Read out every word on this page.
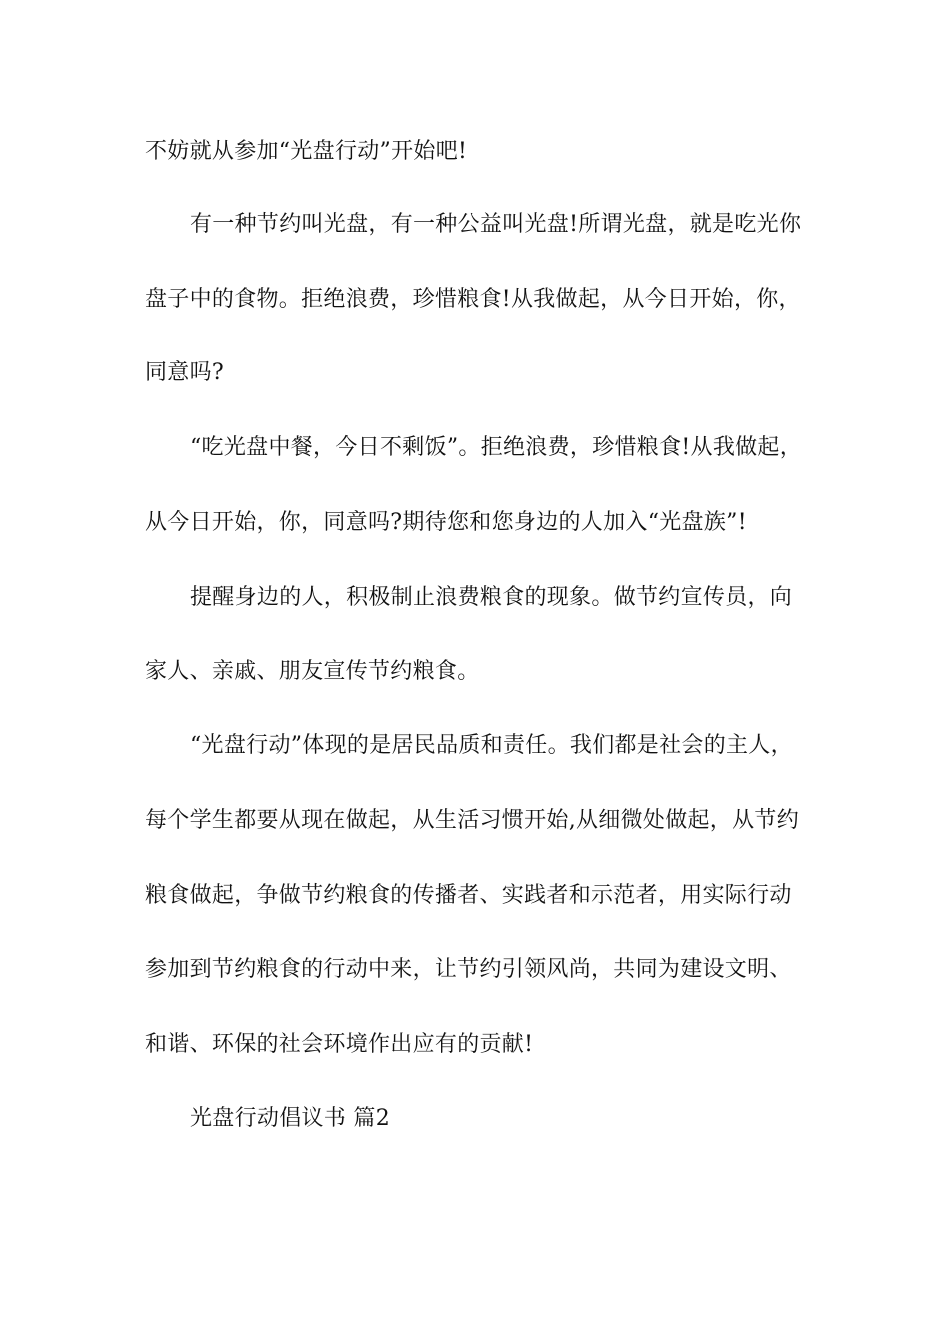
不妨就从参加“光盘行动”开始吧!
有一种节约叫光盘，有一种公益叫光盘!所谓光盘，就是吃光你
盘子中的食物。拒绝浪费，珍惜粮食!从我做起，从今日开始，你，
同意吗?
“吃光盘中餐，今日不剩饭”。拒绝浪费，珍惜粮食!从我做起，
从今日开始，你，同意吗?期待您和您身边的人加入“光盘族”!
提醒身边的人，积极制止浪费粮食的现象。做节约宣传员，向
家人、亲戚、朋友宣传节约粮食。
“光盘行动”体现的是居民品质和责任。我们都是社会的主人，
每个学生都要从现在做起，从生活习惯开始,从细微处做起，从节约
粮食做起，争做节约粮食的传播者、实践者和示范者，用实际行动
参加到节约粮食的行动中来，让节约引领风尚，共同为建设文明、
和谐、环保的社会环境作出应有的贡献!
光盘行动倡议书 篇2
